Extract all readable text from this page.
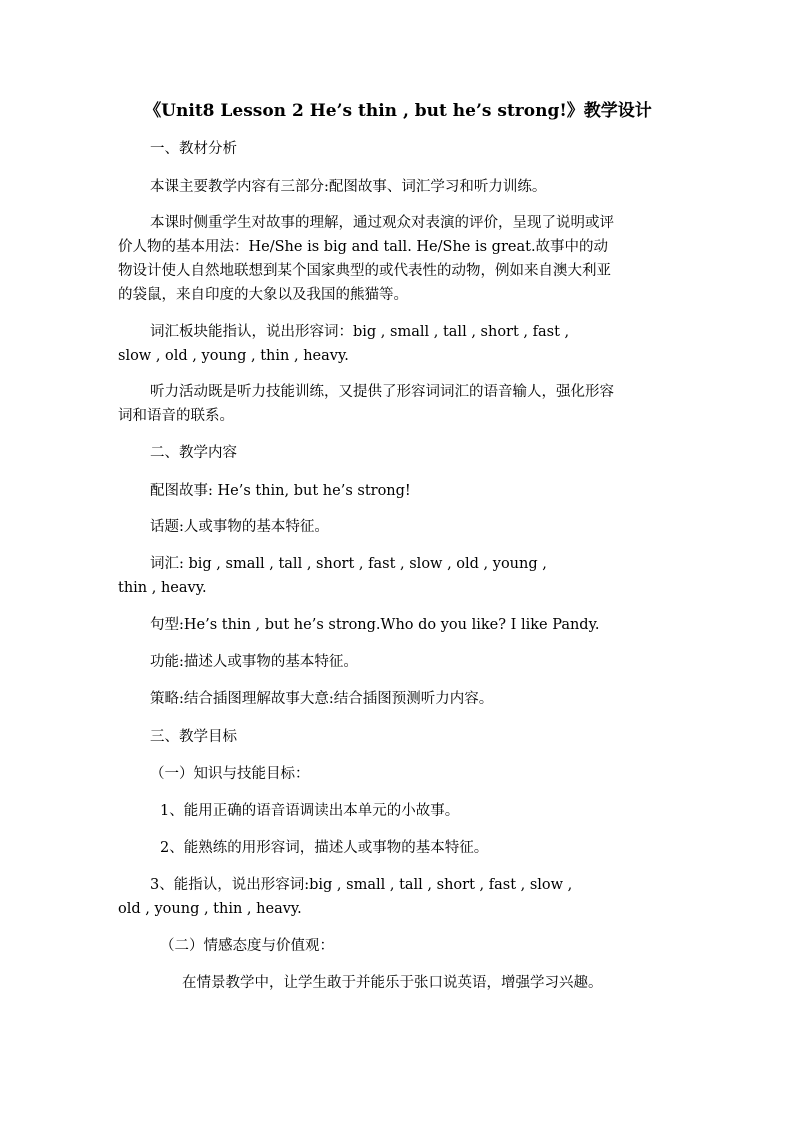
《Unit8 Lesson 2 He’s thin , but he’s strong!》教学设计
一、教材分析
本课主要教学内容有三部分:配图故事、词汇学习和听力训练。
本课时侧重学生对故事的理解，通过观众对表演的评价，呈现了说明或评
价人物的基本用法：He/She is big and tall. He/She is great.故事中的动
物设计使人自然地联想到某个国家典型的或代表性的动物，例如来自澳大利亚
的袋鼠，来自印度的大象以及我国的熊猫等。
词汇板块能指认，说出形容词：big , small , tall , short , fast ,
slow , old , young , thin , heavy.
听力活动既是听力技能训练，又提供了形容词词汇的语音输人，强化形容
词和语音的联系。
二、教学内容
配图故事: He’s thin, but he’s strong!
话题:人或事物的基本特征。
词汇: big , small , tall , short , fast , slow , old , young ,
thin , heavy.
句型:He’s thin , but he’s strong.Who do you like? I like Pandy.
功能:描述人或事物的基本特征。
策略:结合插图理解故事大意:结合插图预测听力内容。
三、教学目标
（一）知识与技能目标：
1、能用正确的语音语调读出本单元的小故事。
2、能熟练的用形容词，描述人或事物的基本特征。
3、能指认，说出形容词:big , small , tall , short , fast , slow ,
old , young , thin , heavy.
（二）情感态度与价值观：
在情景教学中，让学生敢于并能乐于张口说英语，增强学习兴趣。
